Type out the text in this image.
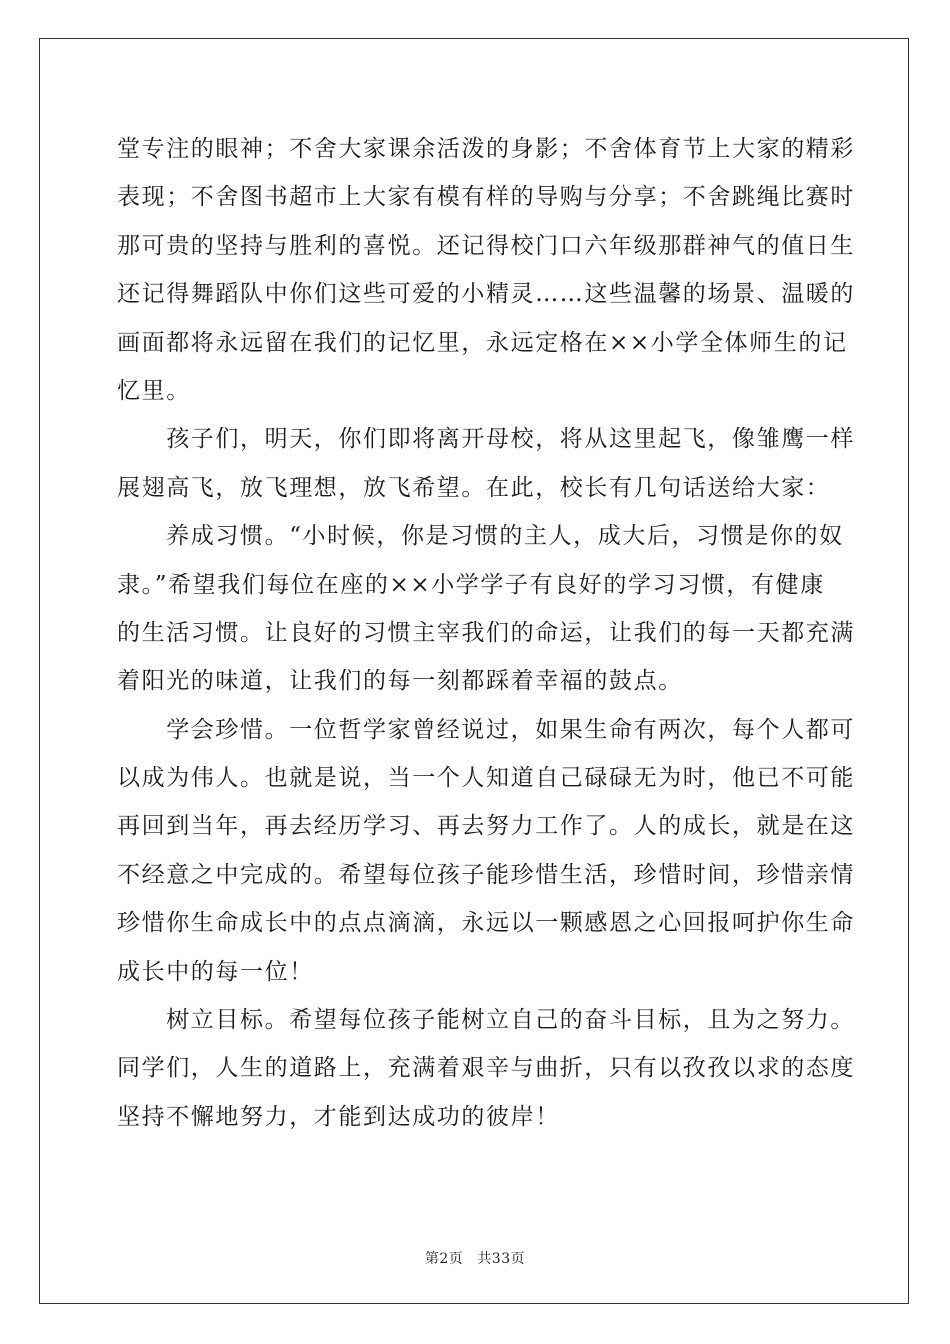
堂专注的眼神；不舍大家课余活泼的身影；不舍体育节上大家的精彩
表现；不舍图书超市上大家有模有样的导购与分享；不舍跳绳比赛时
那可贵的坚持与胜利的喜悦。还记得校门口六年级那群神气的值日生
还记得舞蹈队中你们这些可爱的小精灵……这些温馨的场景、温暖的
画面都将永远留在我们的记忆里，永远定格在××小学全体师生的记
忆里。
　　孩子们，明天，你们即将离开母校，将从这里起飞，像雏鹰一样
展翅高飞，放飞理想，放飞希望。在此，校长有几句话送给大家：
　　养成习惯。“小时候，你是习惯的主人，成大后，习惯是你的奴
隶。”希望我们每位在座的××小学学子有良好的学习习惯，有健康
的生活习惯。让良好的习惯主宰我们的命运，让我们的每一天都充满
着阳光的味道，让我们的每一刻都踩着幸福的鼓点。
　　学会珍惜。一位哲学家曾经说过，如果生命有两次，每个人都可
以成为伟人。也就是说，当一个人知道自己碌碌无为时，他已不可能
再回到当年，再去经历学习、再去努力工作了。人的成长，就是在这
不经意之中完成的。希望每位孩子能珍惜生活，珍惜时间，珍惜亲情
珍惜你生命成长中的点点滴滴，永远以一颗感恩之心回报呵护你生命
成长中的每一位！
　　树立目标。希望每位孩子能树立自己的奋斗目标，且为之努力。
同学们，人生的道路上，充满着艰辛与曲折，只有以孜孜以求的态度
坚持不懈地努力，才能到达成功的彼岸！
第2页 共33页
